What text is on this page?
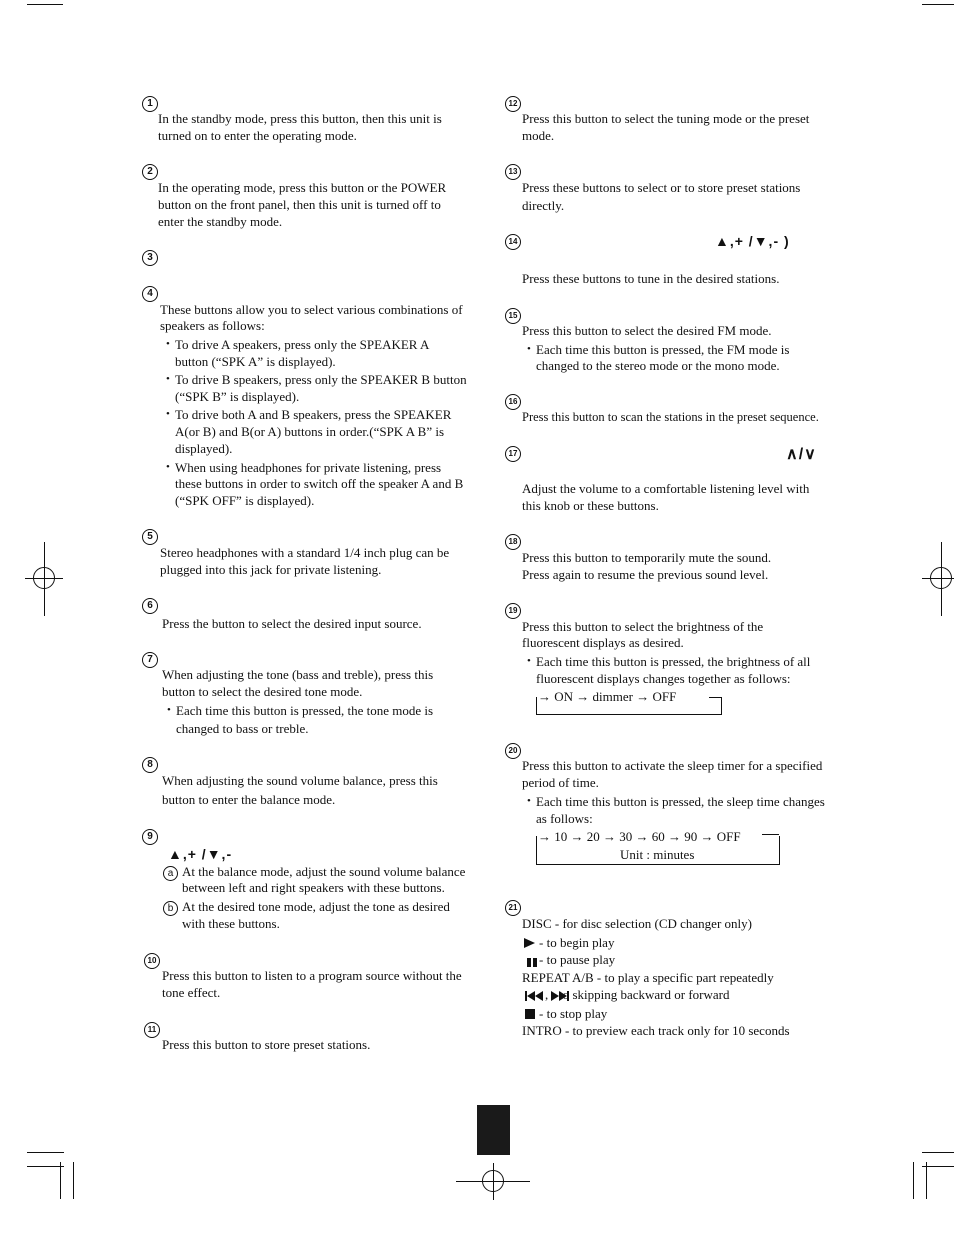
1
In the standby mode, press this button, then this unit is
turned on to enter the operating mode.
2
In the operating mode, press this button or the POWER
button on the front panel, then this unit is turned off to
enter the standby mode.
3
4
These buttons allow you to select various combinations of
speakers as follows:
• To drive A speakers, press only the SPEAKER A
button (“SPK A” is displayed).
• To drive B speakers, press only the SPEAKER B button
(“SPK B” is displayed).
• To drive both A and B speakers, press the SPEAKER
A(or B) and B(or A) buttons in order.(“SPK A B” is
displayed).
• When using headphones for private listening, press
these buttons in order to switch off the speaker A and B
(“SPK OFF” is displayed).
5
Stereo headphones with a standard 1/4 inch plug can be
plugged into this jack for private listening.
6
Press the button to select the desired input source.
7
When adjusting the tone (bass and treble), press this
button to select the desired tone mode.
• Each time this button is pressed, the tone mode is
changed to bass or treble.
8
When adjusting the sound volume balance, press this
button to enter the balance mode.
9
▲,+ /▼,-
a At the balance mode, adjust the sound volume balance
between left and right speakers with these buttons.
b At the desired tone mode, adjust the tone as desired
with these buttons.
10
Press this button to listen to a program source without the
tone effect.
11
Press this button to store preset stations.
12
Press this button to select the tuning mode or the preset
mode.
13
Press these buttons to select or to store preset stations
directly.
14	▲,+ /▼,- )
Press these buttons to tune in the desired stations.
15
Press this button to select the desired FM mode.
• Each time this button is pressed, the FM mode is
changed to the stereo mode or the mono mode.
16
Press this button to scan the stations in the preset sequence.
17	∧/∨
Adjust the volume to a comfortable listening level with
this knob or these buttons.
18
Press this button to temporarily mute the sound.
Press again to resume the previous sound level.
19
Press this button to select the brightness of the
fluorescent displays as desired.
• Each time this button is pressed, the brightness of all
fluorescent displays changes together as follows:
→ ON → dimmer → OFF
20
Press this button to activate the sleep timer for a specified
period of time.
• Each time this button is pressed, the sleep time changes
as follows:
→ 10 → 20 → 30 → 60 → 90 → OFF
Unit : minutes
21
DISC - for disc selection (CD changer only)
- to begin play
- to pause play
REPEAT A/B - to play a specific part repeatedly
, - to skipping backward or forward
- to stop play
INTRO - to preview each track only for 10 seconds
